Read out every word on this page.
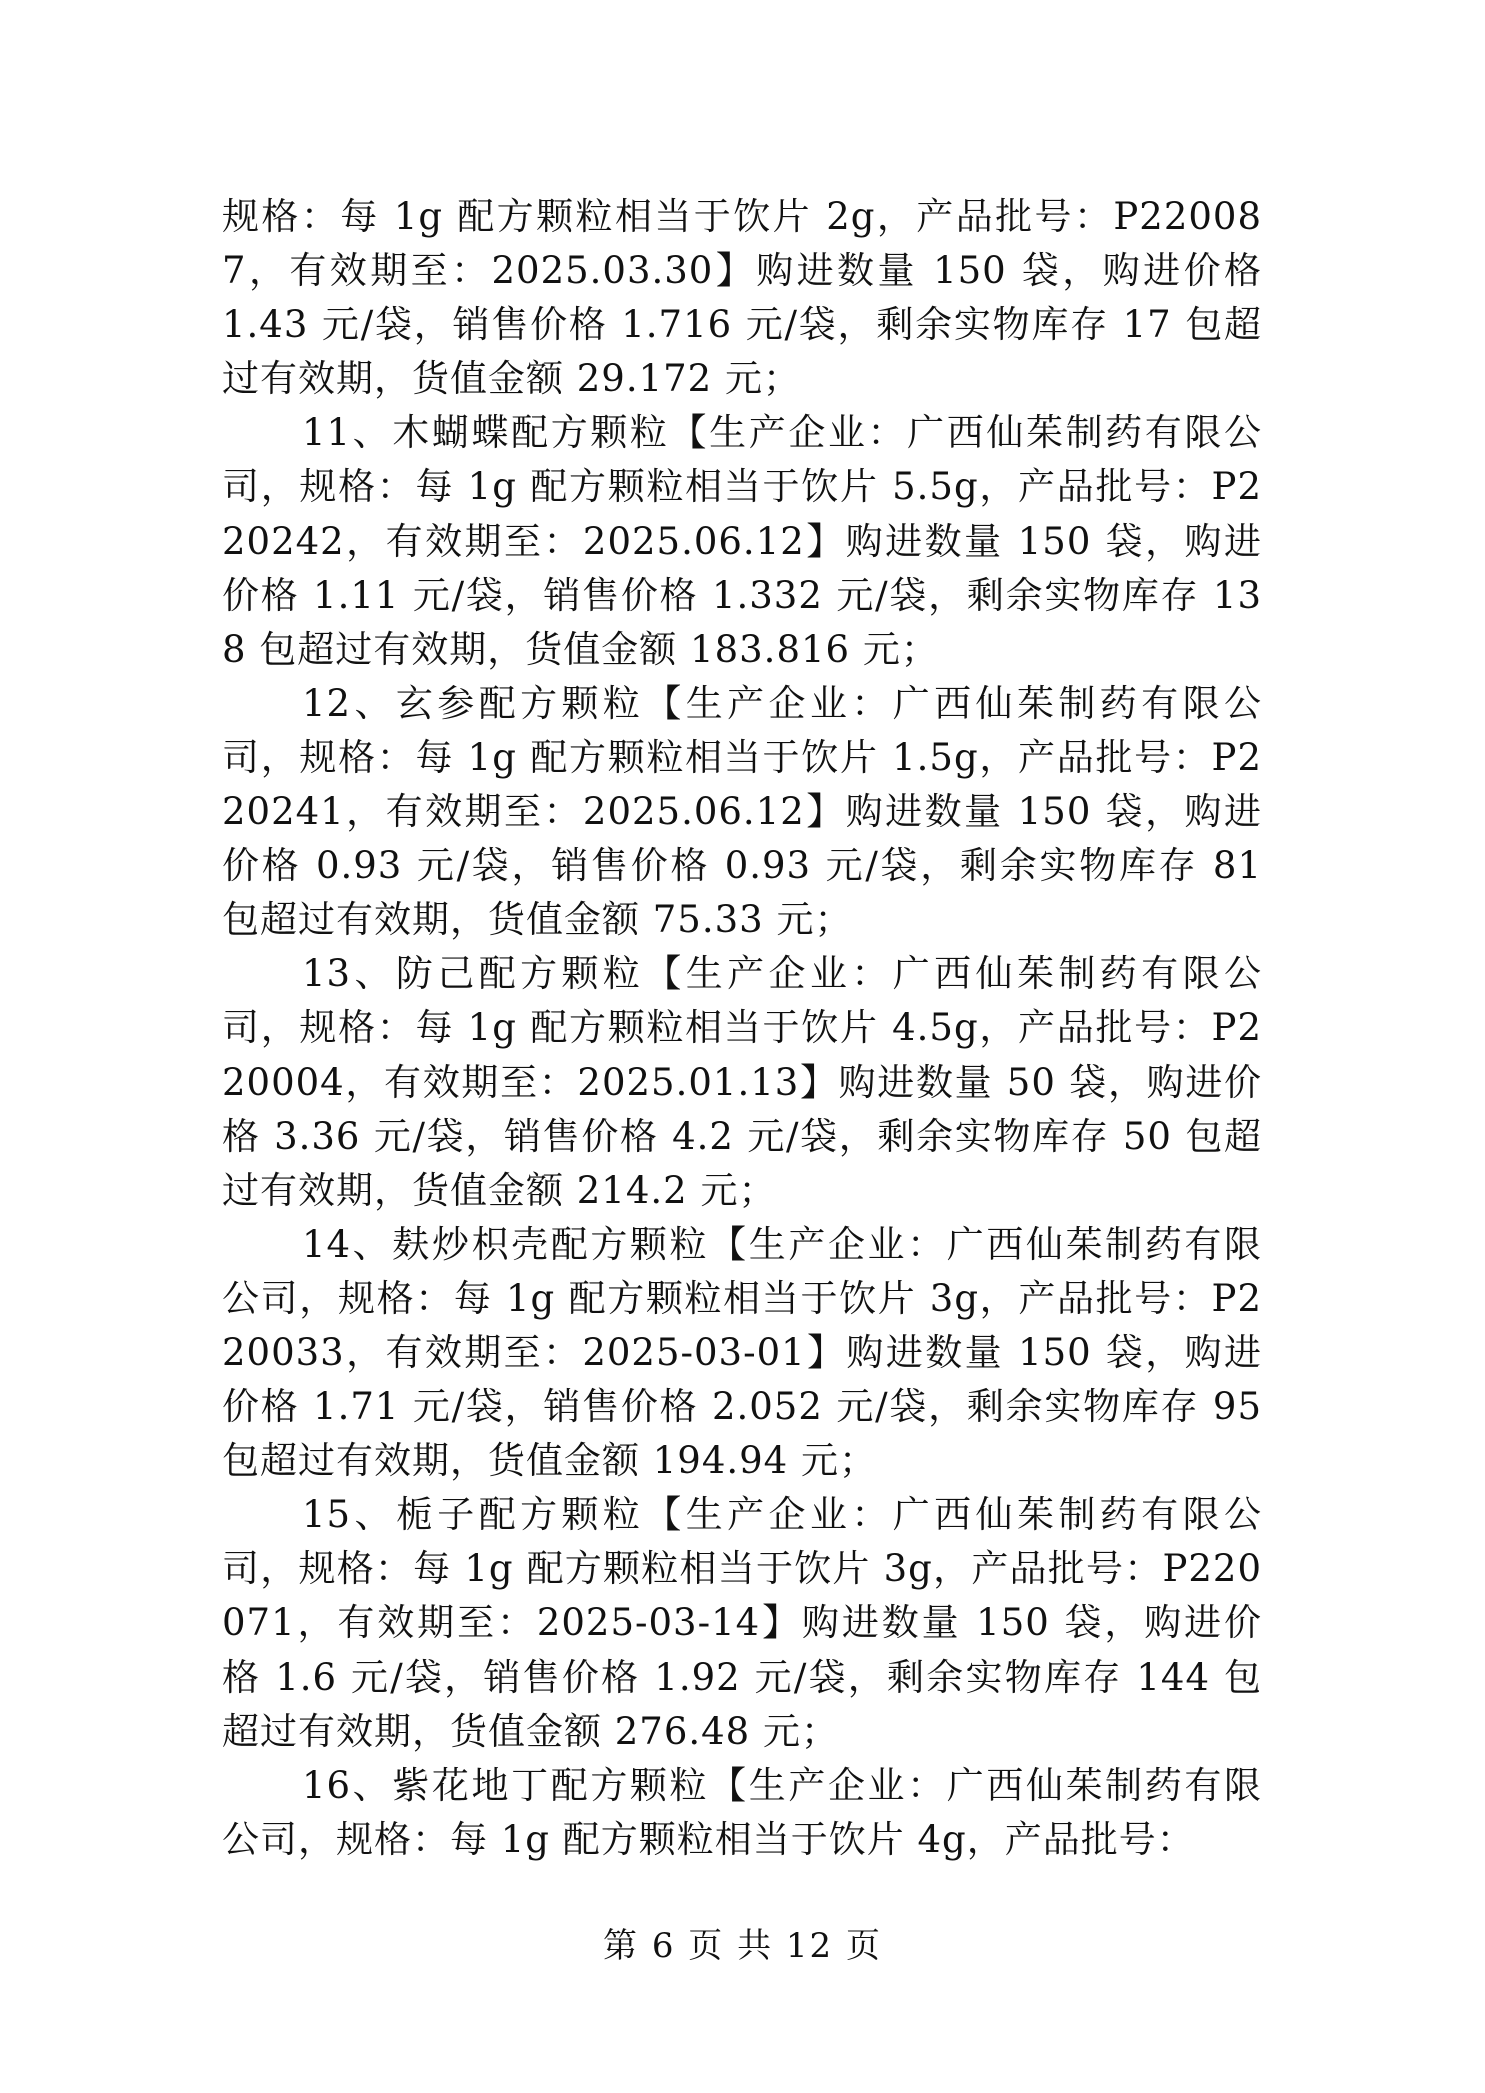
规格：每 1g 配方颗粒相当于饮片 2g，产品批号：P220087，有效期至：2025.03.30】购进数量 150 袋，购进价格 1.43 元/袋，销售价格 1.716 元/袋，剩余实物库存 17 包超过有效期，货值金额 29.172 元；

11、木蝴蝶配方颗粒【生产企业：广西仙茱制药有限公司，规格：每 1g 配方颗粒相当于饮片 5.5g，产品批号：P220242，有效期至：2025.06.12】购进数量 150 袋，购进价格 1.11 元/袋，销售价格 1.332 元/袋，剩余实物库存 138 包超过有效期，货值金额 183.816 元；

12、玄参配方颗粒【生产企业：广西仙茱制药有限公司，规格：每 1g 配方颗粒相当于饮片 1.5g，产品批号：P220241，有效期至：2025.06.12】购进数量 150 袋，购进价格 0.93 元/袋，销售价格 0.93 元/袋，剩余实物库存 81 包超过有效期，货值金额 75.33 元；

13、防己配方颗粒【生产企业：广西仙茱制药有限公司，规格：每 1g 配方颗粒相当于饮片 4.5g，产品批号：P220004，有效期至：2025.01.13】购进数量 50 袋，购进价格 3.36 元/袋，销售价格 4.2 元/袋，剩余实物库存 50 包超过有效期，货值金额 214.2 元；

14、麸炒枳壳配方颗粒【生产企业：广西仙茱制药有限公司，规格：每 1g 配方颗粒相当于饮片 3g，产品批号：P220033，有效期至：2025-03-01】购进数量 150 袋，购进价格 1.71 元/袋，销售价格 2.052 元/袋，剩余实物库存 95 包超过有效期，货值金额 194.94 元；

15、栀子配方颗粒【生产企业：广西仙茱制药有限公司，规格：每 1g 配方颗粒相当于饮片 3g，产品批号：P220071，有效期至：2025-03-14】购进数量 150 袋，购进价格 1.6 元/袋，销售价格 1.92 元/袋，剩余实物库存 144 包超过有效期，货值金额 276.48 元；

16、紫花地丁配方颗粒【生产企业：广西仙茱制药有限公司，规格：每 1g 配方颗粒相当于饮片 4g，产品批号：

第 6 页 共 12 页
